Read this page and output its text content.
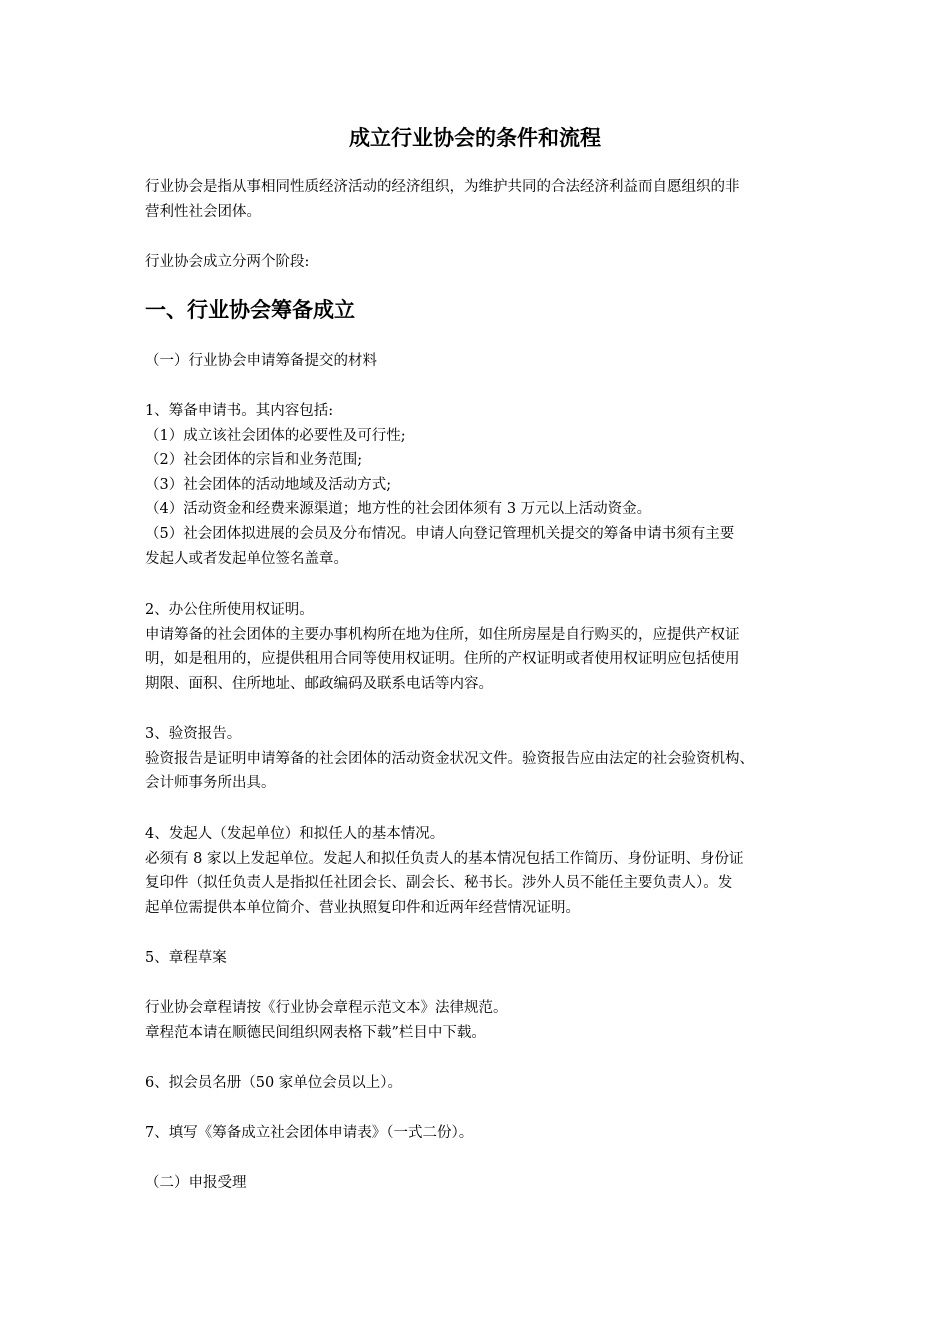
成立行业协会的条件和流程

行业协会是指从事相同性质经济活动的经济组织，为维护共同的合法经济利益而自愿组织的非
营利性社会团体。

行业协会成立分两个阶段:

一、行业协会筹备成立

（一）行业协会申请筹备提交的材料

1、筹备申请书。其内容包括:
（1）成立该社会团体的必要性及可行性;
（2）社会团体的宗旨和业务范围;
（3）社会团体的活动地域及活动方式;
（4）活动资金和经费来源渠道；地方性的社会团体须有 3 万元以上活动资金。
（5）社会团体拟进展的会员及分布情况。申请人向登记管理机关提交的筹备申请书须有主要
发起人或者发起单位签名盖章。

2、办公住所使用权证明。
申请筹备的社会团体的主要办事机构所在地为住所，如住所房屋是自行购买的，应提供产权证
明，如是租用的，应提供租用合同等使用权证明。住所的产权证明或者使用权证明应包括使用
期限、面积、住所地址、邮政编码及联系电话等内容。

3、验资报告。
验资报告是证明申请筹备的社会团体的活动资金状况文件。验资报告应由法定的社会验资机构、
会计师事务所出具。

4、发起人（发起单位）和拟任人的基本情况。
必须有 8 家以上发起单位。发起人和拟任负责人的基本情况包括工作简历、身份证明、身份证
复印件（拟任负责人是指拟任社团会长、副会长、秘书长。涉外人员不能任主要负责人）。发
起单位需提供本单位简介、营业执照复印件和近两年经营情况证明。

5、章程草案

行业协会章程请按《行业协会章程示范文本》法律规范。
章程范本请在顺德民间组织网表格下载”栏目中下载。

6、拟会员名册（50 家单位会员以上）。

7、填写《筹备成立社会团体申请表》（一式二份）。

（二）申报受理
